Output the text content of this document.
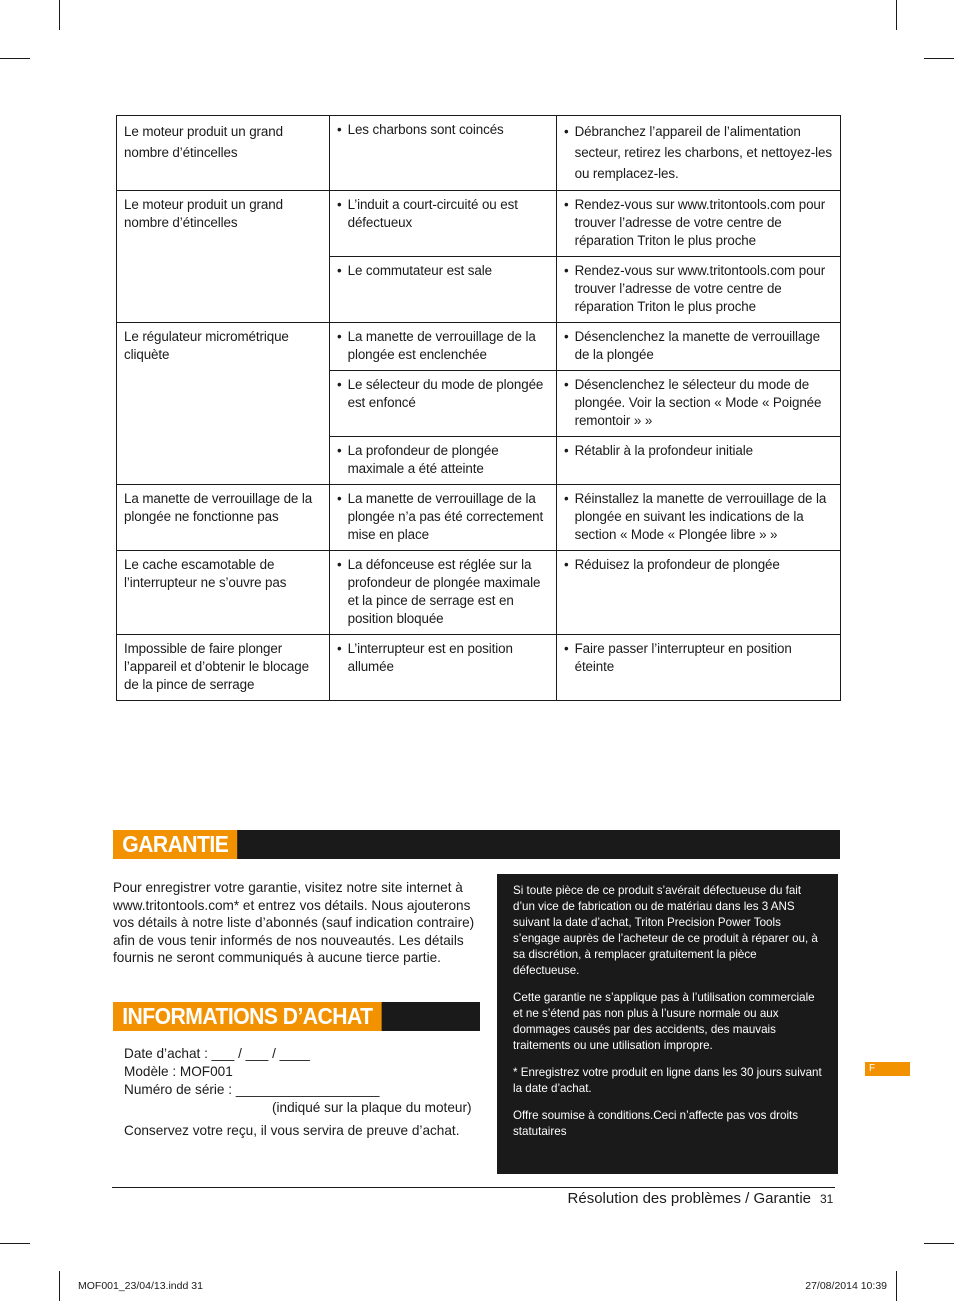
Le moteur produit un grand nombre d’étincelles	• Les charbons sont coincés	• Débranchez l’appareil de l’alimentation secteur, retirez les charbons, et nettoyez-les ou remplacez-les.

Le moteur produit un grand nombre d’étincelles	• L’induit a court-circuité ou est défectueux	• Rendez-vous sur www.tritontools.com pour trouver l’adresse de votre centre de réparation Triton le plus proche

	• Le commutateur est sale	• Rendez-vous sur www.tritontools.com pour trouver l’adresse de votre centre de réparation Triton le plus proche

Le régulateur micrométrique cliquète	• La manette de verrouillage de la plongée est enclenchée	• Désenclenchez la manette de verrouillage de la plongée

	• Le sélecteur du mode de plongée est enfoncé	• Désenclenchez le sélecteur du mode de plongée. Voir la section « Mode « Poignée remontoir » »

	• La profondeur de plongée maximale a été atteinte	• Rétablir à la profondeur initiale

La manette de verrouillage de la plongée ne fonctionne pas	• La manette de verrouillage de la plongée n’a pas été correctement mise en place	• Réinstallez la manette de verrouillage de la plongée en suivant les indications de la section « Mode « Plongée libre » »

Le cache escamotable de l’interrupteur ne s’ouvre pas	• La défonceuse est réglée sur la profondeur de plongée maximale et la pince de serrage est en position bloquée	• Réduisez la profondeur de plongée

Impossible de faire plonger l’appareil et d’obtenir le blocage de la pince de serrage	• L’interrupteur est en position allumée	• Faire passer l’interrupteur en position éteinte
GARANTIE
Pour enregistrer votre garantie, visitez notre site internet à www.tritontools.com* et entrez vos détails. Nous ajouterons vos détails à notre liste d’abonnés (sauf indication contraire) afin de vous tenir informés de nos nouveautés. Les détails fournis ne seront communiqués à aucune tierce partie.

Si toute pièce de ce produit s’avérait défectueuse du fait d’un vice de fabrication ou de matériau dans les 3 ANS suivant la date d’achat, Triton Precision Power Tools s’engage auprès de l’acheteur de ce produit à réparer ou, à sa discrétion, à remplacer gratuitement la pièce défectueuse.

Cette garantie ne s’applique pas à l’utilisation commerciale et ne s’étend pas non plus à l’usure normale ou aux dommages causés par des accidents, des mauvais traitements ou une utilisation impropre.

* Enregistrez votre produit en ligne dans les 30 jours suivant la date d’achat.

Offre soumise à conditions.Ceci n’affecte pas vos droits statutaires

INFORMATIONS D’ACHAT
Date d’achat : ___ / ___ / ____
Modèle : MOF001
Numéro de série : ___________________
(indiqué sur la plaque du moteur)
Conservez votre reçu, il vous servira de preuve d’achat.
F
Résolution des problèmes / Garantie 31
MOF001_23/04/13.indd 31	27/08/2014 10:39
